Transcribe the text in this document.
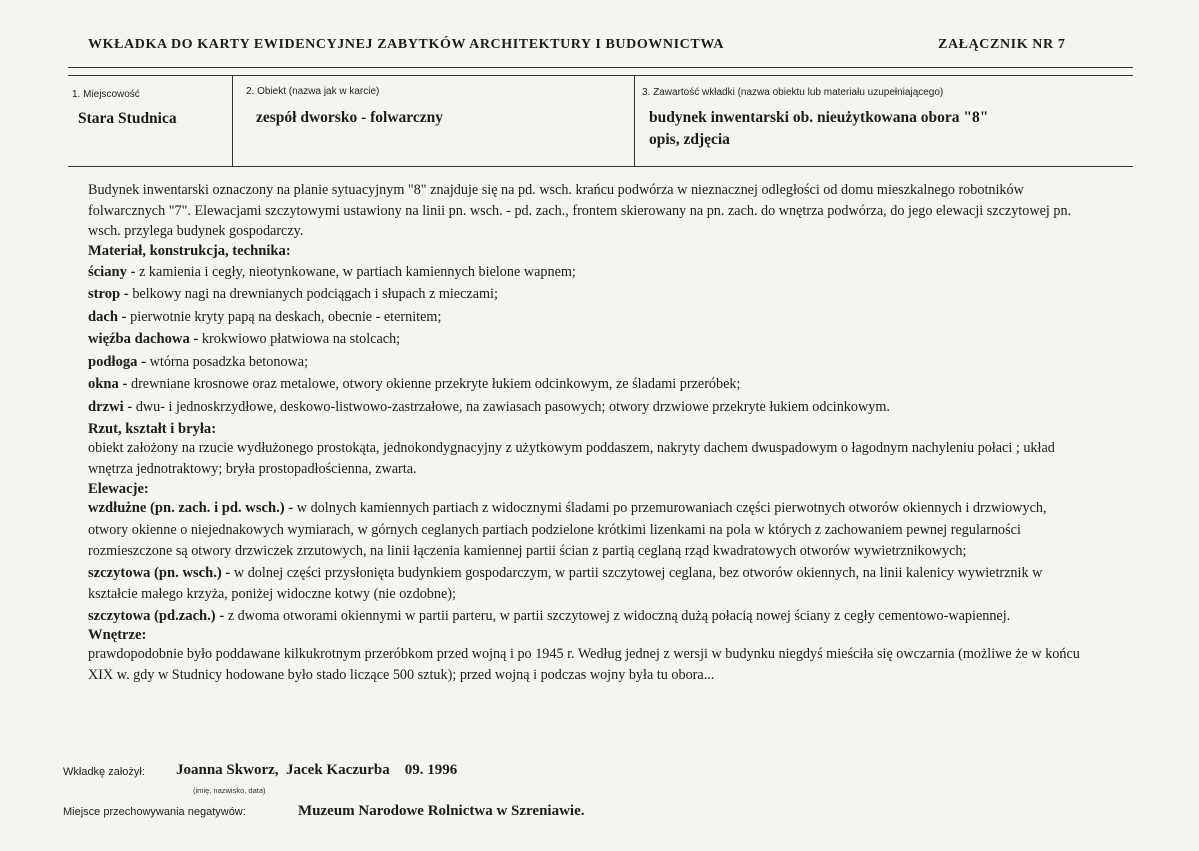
WKŁADKA DO KARTY EWIDENCYJNEJ ZABYTKÓW ARCHITEKTURY I BUDOWNICTWA	ZAŁĄCZNIK NR 7
1. Miejscowość
Stara Studnica
2. Obiekt (nazwa jak w karcie)
zespół dworsko - folwarczny
3. Zawartość wkładki (nazwa obiektu lub materiału uzupełniającego)
budynek inwentarski ob. nieużytkowana obora "8"
opis, zdjęcia

Budynek inwentarski oznaczony na planie sytuacyjnym "8" znajduje się na pd. wsch. krańcu podwórza w nieznacznej odległości od domu mieszkalnego robotników folwarcznych "7". Elewacjami szczytowymi ustawiony na linii pn. wsch. - pd. zach., frontem skierowany na pn. zach. do wnętrza podwórza, do jego elewacji szczytowej pn. wsch. przylega budynek gospodarczy.

Materiał, konstrukcja, technika:

ściany - z kamienia i cegły, nieotynkowane, w partiach kamiennych bielone wapnem;

strop - belkowy nagi na drewnianych podciągach i słupach z mieczami;

dach - pierwotnie kryty papą na deskach, obecnie - eternitem;

więźba dachowa - krokwiowo płatwiowa na stolcach;

podłoga - wtórna posadzka betonowa;

okna - drewniane krosnowe oraz metalowe, otwory okienne przekryte łukiem odcinkowym, ze śladami przeróbek;

drzwi - dwu- i jednoskrzydłowe, deskowo-listwowo-zastrzałowe, na zawiasach pasowych; otwory drzwiowe przekryte łukiem odcinkowym.

Rzut, kształt i bryła:

obiekt założony na rzucie wydłużonego prostokąta, jednokondygnacyjny z użytkowym poddaszem, nakryty dachem dwuspadowym o łagodnym nachyleniu połaci ; układ wnętrza jednotraktowy; bryła prostopadłościenna, zwarta.

Elewacje:

wzdłużne (pn. zach. i pd. wsch.) - w dolnych kamiennych partiach z widocznymi śladami po przemurowaniach części pierwotnych otworów okiennych i drzwiowych, otwory okienne o niejednakowych wymiarach, w górnych ceglanych partiach podzielone krótkimi lizenkami na pola w których z zachowaniem pewnej regularności rozmieszczone są otwory drzwiczek zrzutowych, na linii łączenia kamiennej partii ścian z partią ceglaną rząd kwadratowych otworów wywietrznikowych;

szczytowa (pn. wsch.) - w dolnej części przysłonięta budynkiem gospodarczym, w partii szczytowej ceglana, bez otworów okiennych, na linii kalenicy wywietrznik w kształcie małego krzyża, poniżej widoczne kotwy (nie ozdobne);

szczytowa (pd.zach.) - z dwoma otworami okiennymi w partii parteru, w partii szczytowej z widoczną dużą połacią nowej ściany z cegły cementowo-wapiennej.

Wnętrze:

prawdopodobnie było poddawane kilkukrotnym przeróbkom przed wojną i po 1945 r. Według jednej z wersji w budynku niegdyś mieściła się owczarnia (możliwe że w końcu XIX w. gdy w Studnicy hodowane było stado liczące 500 sztuk); przed wojną i podczas wojny była tu obora...

Wkładkę założył: Joanna Skworz,  Jacek Kaczurba    09. 1996
(imię, nazwisko, data)
Miejsce przechowywania negatywów:	Muzeum Narodowe Rolnictwa w Szreniawie.
